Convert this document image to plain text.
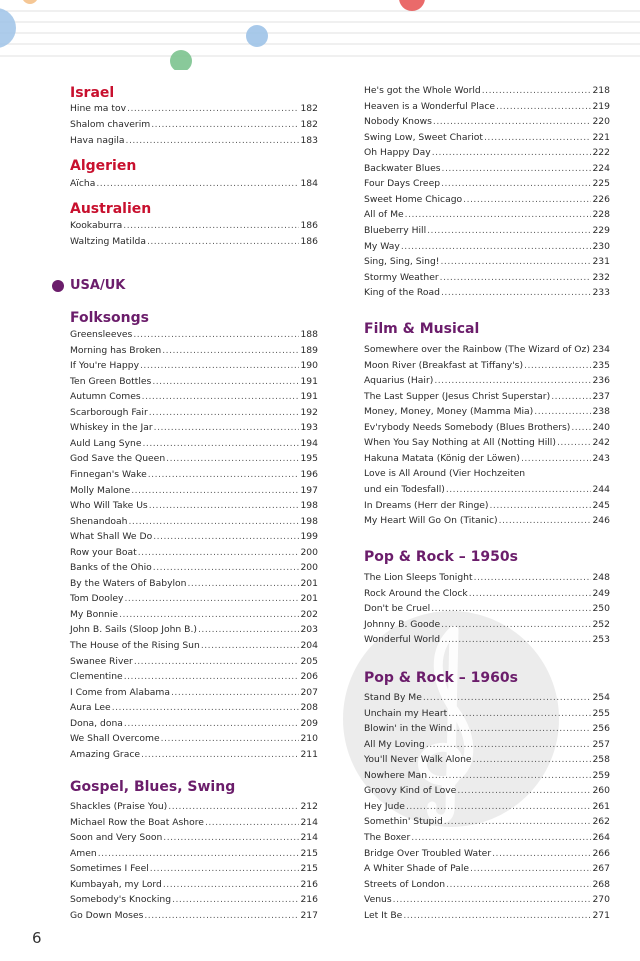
Israel
Hine ma tov .....	182
Shalom chaverim .....	182
Hava nagila .....	183
Algerien
Aïcha .....	184
Australien
Kookaburra .....	186
Waltzing Matilda .....	186
USA/UK
Folksongs
Greensleeves .....	188
Morning has Broken .....	189
If You're Happy .....	190
Ten Green Bottles .....	191
Autumn Comes .....	191
Scarborough Fair .....	192
Whiskey in the Jar .....	193
Auld Lang Syne .....	194
God Save the Queen .....	195
Finnegan's Wake .....	196
Molly Malone .....	197
Who Will Take Us .....	198
Shenandoah .....	198
What Shall We Do .....	199
Row your Boat .....	200
Banks of the Ohio .....	200
By the Waters of Babylon .....	201
Tom Dooley .....	201
My Bonnie .....	202
John B. Sails (Sloop John B.) .....	203
The House of the Rising Sun .....	204
Swanee River .....	205
Clementine .....	206
I Come from Alabama .....	207
Aura Lee .....	208
Dona, dona .....	209
We Shall Overcome .....	210
Amazing Grace .....	211
Gospel, Blues, Swing
Shackles (Praise You) .....	212
Michael Row the Boat Ashore .....	214
Soon and Very Soon .....	214
Amen .....	215
Sometimes I Feel .....	215
Kumbayah, my Lord .....	216
Somebody's Knocking .....	216
Go Down Moses .....	217
He's got the Whole World .....	218
Heaven is a Wonderful Place .....	219
Nobody Knows .....	220
Swing Low, Sweet Chariot .....	221
Oh Happy Day .....	222
Backwater Blues .....	224
Four Days Creep .....	225
Sweet Home Chicago .....	226
All of Me .....	228
Blueberry Hill .....	229
My Way .....	230
Sing, Sing, Sing! .....	231
Stormy Weather .....	232
King of the Road .....	233
Film & Musical
Somewhere over the Rainbow (The Wizard of Oz) ..... 234
Moon River (Breakfast at Tiffany's) .....	235
Aquarius (Hair) .....	236
The Last Supper (Jesus Christ Superstar) .....	237
Money, Money, Money (Mamma Mia) .....	238
Ev'rybody Needs Somebody (Blues Brothers) ..... 240
When You Say Nothing at All (Notting Hill) .....	242
Hakuna Matata (König der Löwen) .....	243
Love is All Around (Vier Hochzeiten
und ein Todesfall) .....	244
In Dreams (Herr der Ringe) .....	245
My Heart Will Go On (Titanic) .....	246
Pop & Rock – 1950s
The Lion Sleeps Tonight .....	248
Rock Around the Clock .....	249
Don't be Cruel .....	250
Johnny B. Goode .....	252
Wonderful World .....	253
Pop & Rock – 1960s
Stand By Me .....	254
Unchain my Heart .....	255
Blowin' in the Wind .....	256
All My Loving .....	257
You'll Never Walk Alone .....	258
Nowhere Man .....	259
Groovy Kind of Love .....	260
Hey Jude .....	261
Somethin' Stupid .....	262
The Boxer .....	264
Bridge Over Troubled Water .....	266
A Whiter Shade of Pale .....	267
Streets of London .....	268
Venus .....	270
Let It Be .....	271
6
